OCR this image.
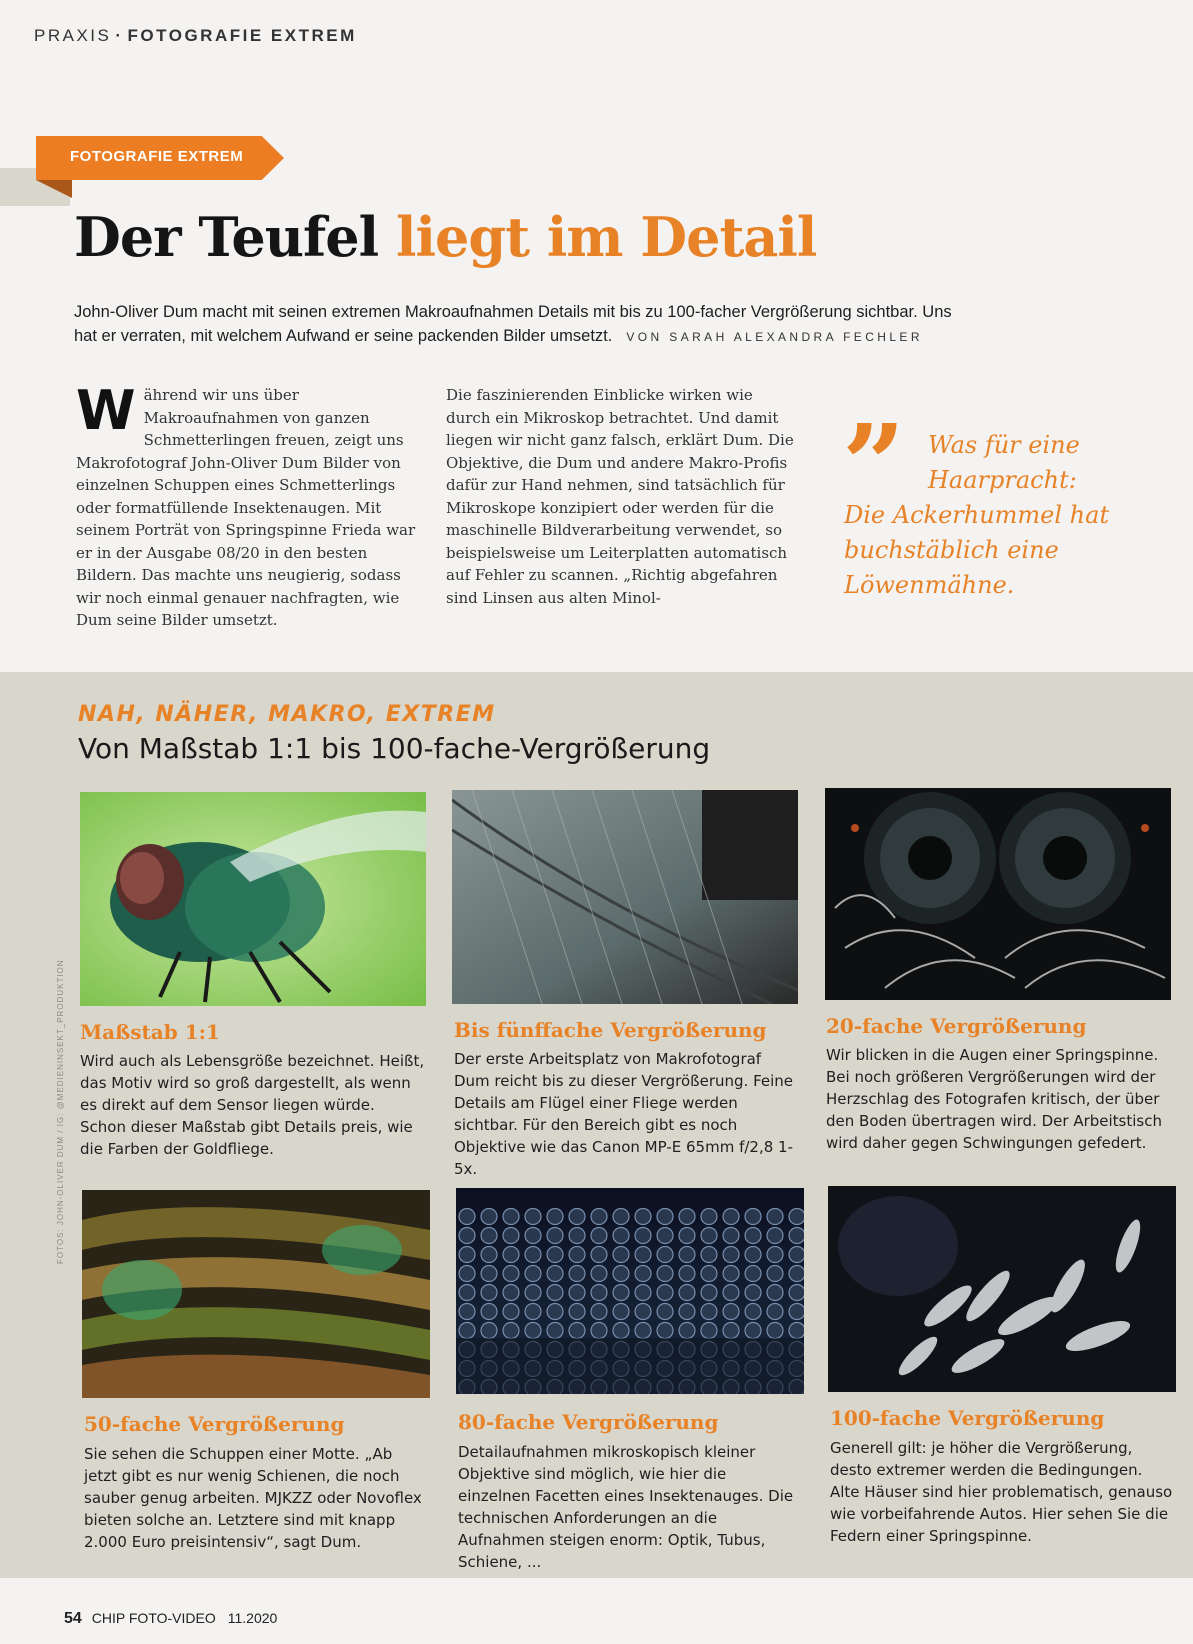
PRAXIS · FOTOGRAFIE EXTREM
FOTOGRAFIE EXTREM
Der Teufel liegt im Detail

John-Oliver Dum macht mit seinen extremen Makroaufnahmen Details mit bis zu 100-facher Vergrößerung sichtbar. Uns hat er verraten, mit welchem Aufwand er seine packenden Bilder umsetzt. VON SARAH ALEXANDRA FECHLER

Während wir uns über Makroaufnahmen von ganzen Schmetterlingen freuen, zeigt uns Makrofotograf John-Oliver Dum Bilder von einzelnen Schuppen eines Schmetterlings oder formatfüllende Insektenaugen. Mit seinem Porträt von Springspinne Frieda war er in der Ausgabe 08/20 in den besten Bildern. Das machte uns neugierig, sodass wir noch einmal genauer nachfragten, wie Dum seine Bilder umsetzt.
Die faszinierenden Einblicke wirken wie durch ein Mikroskop betrachtet. Und damit liegen wir nicht ganz falsch, erklärt Dum. Die Objektive, die Dum und andere Makro-Profis dafür zur Hand nehmen, sind tatsächlich für Mikroskope konzipiert oder werden für die maschinelle Bildverarbeitung verwendet, so beispielsweise um Leiterplatten automatisch auf Fehler zu scannen. „Richtig abgefahren sind Linsen aus alten Minol-
” Was für eine
Haarpracht:
Die Ackerhummel hat buchstäblich eine Löwenmähne.
NAH, NÄHER, MAKRO, EXTREM
Von Maßstab 1:1 bis 100-fache-Vergrößerung
Maßstab 1:1
Wird auch als Lebensgröße bezeichnet. Heißt, das Motiv wird so groß dargestellt, als wenn es direkt auf dem Sensor liegen würde. Schon dieser Maßstab gibt Details preis, wie die Farben der Goldfliege.
Bis fünffache Vergrößerung
Der erste Arbeitsplatz von Makrofotograf Dum reicht bis zu dieser Vergrößerung. Feine Details am Flügel einer Fliege werden sichtbar. Für den Bereich gibt es noch Objektive wie das Canon MP-E 65mm f/2,8 1-5x.
20-fache Vergrößerung
Wir blicken in die Augen einer Springspinne. Bei noch größeren Vergrößerungen wird der Herzschlag des Fotografen kritisch, der über den Boden übertragen wird. Der Arbeitstisch wird daher gegen Schwingungen gefedert.
50-fache Vergrößerung
Sie sehen die Schuppen einer Motte. „Ab jetzt gibt es nur wenig Schienen, die noch sauber genug arbeiten. MJKZZ oder Novoflex bieten solche an. Letztere sind mit knapp 2.000 Euro preisintensiv“, sagt Dum.
80-fache Vergrößerung
Detailaufnahmen mikroskopisch kleiner Objektive sind möglich, wie hier die einzelnen Facetten eines Insektenauges. Die technischen Anforderungen an die Aufnahmen steigen enorm: Optik, Tubus, Schiene, ...
100-fache Vergrößerung
Generell gilt: je höher die Vergrößerung, desto extremer werden die Bedingungen. Alte Häuser sind hier problematisch, genauso wie vorbeifahrende Autos. Hier sehen Sie die Federn einer Springspinne.
FOTOS: JOHN-OLIVER DUM / IG: @MEDIENINSEKT_PRODUKTION
54 CHIP FOTO-VIDEO 11.2020
